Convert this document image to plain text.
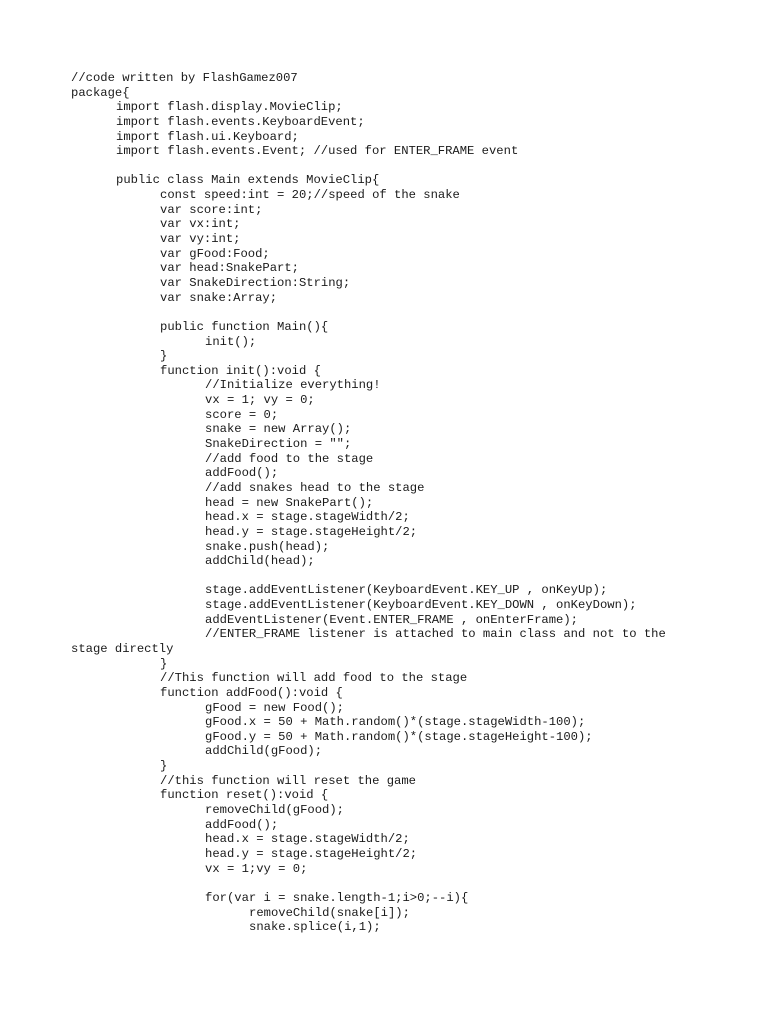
//code written by FlashGamez007
package{
import flash.display.MovieClip;
import flash.events.KeyboardEvent;
import flash.ui.Keyboard;
import flash.events.Event; //used for ENTER_FRAME event
public class Main extends MovieClip{
const speed:int = 20;//speed of the snake
var score:int;
var vx:int;
var vy:int;
var gFood:Food;
var head:SnakePart;
var SnakeDirection:String;
var snake:Array;
public function Main(){
init();
}
function init():void {
//Initialize everything!
vx = 1; vy = 0;
score = 0;
snake = new Array();
SnakeDirection = "";
//add food to the stage
addFood();
//add snakes head to the stage
head = new SnakePart();
head.x = stage.stageWidth/2;
head.y = stage.stageHeight/2;
snake.push(head);
addChild(head);
stage.addEventListener(KeyboardEvent.KEY_UP , onKeyUp);
stage.addEventListener(KeyboardEvent.KEY_DOWN , onKeyDown);
addEventListener(Event.ENTER_FRAME , onEnterFrame);
//ENTER_FRAME listener is attached to main class and not to the
stage directly
}
//This function will add food to the stage
function addFood():void {
gFood = new Food();
gFood.x = 50 + Math.random()*(stage.stageWidth-100);
gFood.y = 50 + Math.random()*(stage.stageHeight-100);
addChild(gFood);
}
//this function will reset the game
function reset():void {
removeChild(gFood);
addFood();
head.x = stage.stageWidth/2;
head.y = stage.stageHeight/2;
vx = 1;vy = 0;
for(var i = snake.length-1;i>0;--i){
removeChild(snake[i]);
snake.splice(i,1);
